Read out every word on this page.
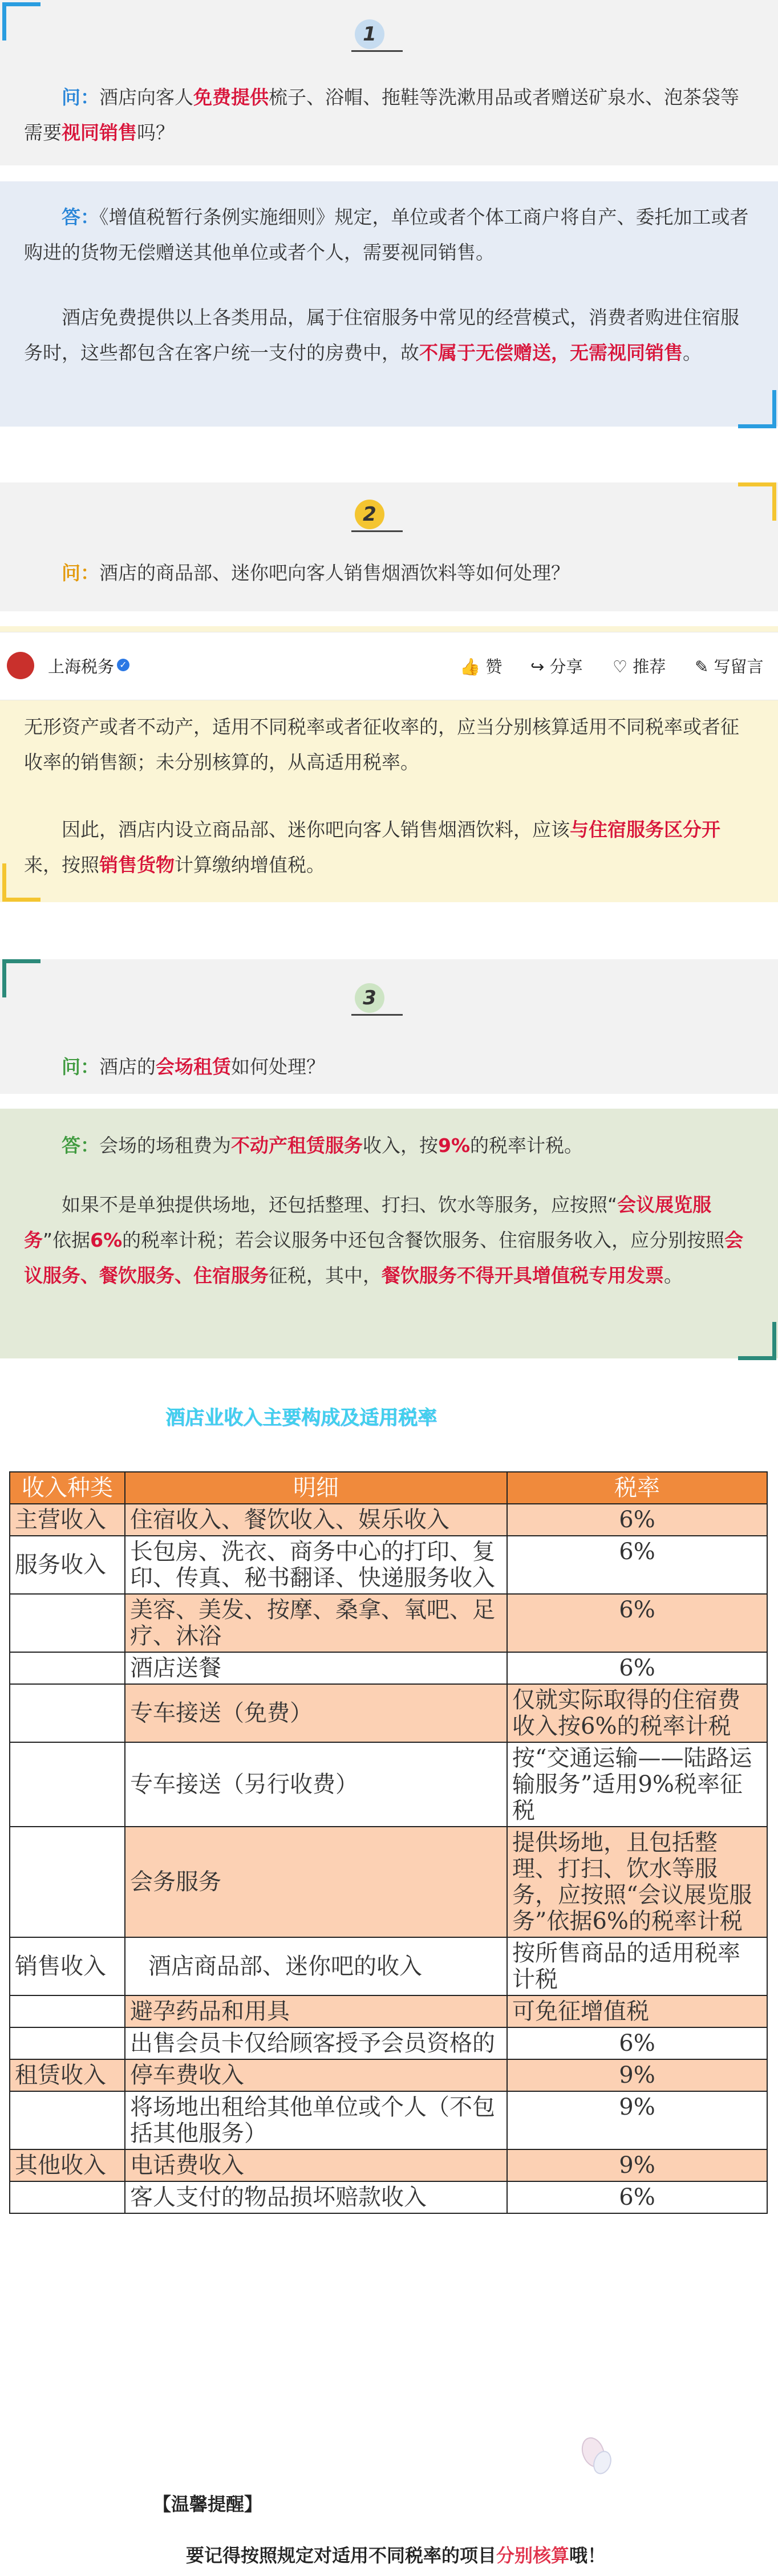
1

问：酒店向客人免费提供梳子、浴帽、拖鞋等洗漱用品或者赠送矿泉水、泡茶袋等需要视同销售吗？

答：《增值税暂行条例实施细则》规定，单位或者个体工商户将自产、委托加工或者购进的货物无偿赠送其他单位或者个人，需要视同销售。

酒店免费提供以上各类用品，属于住宿服务中常见的经营模式，消费者购进住宿服务时，这些都包含在客户统一支付的房费中，故不属于无偿赠送，无需视同销售。

2

问：酒店的商品部、迷你吧向客人销售烟酒饮料等如何处理？

上海税务 ✓	👍 赞 ↪ 分享 ♡ 推荐 ✎ 写留言

无形资产或者不动产，适用不同税率或者征收率的，应当分别核算适用不同税率或者征收率的销售额；未分别核算的，从高适用税率。

因此，酒店内设立商品部、迷你吧向客人销售烟酒饮料，应该与住宿服务区分开来，按照销售货物计算缴纳增值税。

3

问：酒店的会场租赁如何处理？

答：会场的场租费为不动产租赁服务收入，按9%的税率计税。

如果不是单独提供场地，还包括整理、打扫、饮水等服务，应按照“会议展览服务”依据6%的税率计税；若会议服务中还包含餐饮服务、住宿服务收入，应分别按照会议服务、餐饮服务、住宿服务征税，其中，餐饮服务不得开具增值税专用发票。

酒店业收入主要构成及适用税率
收入种类	明细	税率
主营收入	住宿收入、餐饮收入、娱乐收入	6%
服务收入	长包房、洗衣、商务中心的打印、复印、传真、秘书翻译、快递服务收入	6%
	美容、美发、按摩、桑拿、氧吧、足疗、沐浴	6%
	酒店送餐	6%
	专车接送（免费）	仅就实际取得的住宿费收入按6%的税率计税
	专车接送（另行收费）	按“交通运输——陆路运输服务”适用9%税率征税
	会务服务	提供场地，且包括整理、打扫、饮水等服务，应按照“会议展览服务”依据6%的税率计税
销售收入	酒店商品部、迷你吧的收入	按所售商品的适用税率计税
	避孕药品和用具	可免征增值税
	出售会员卡仅给顾客授予会员资格的	6%
租赁收入	停车费收入	9%
	将场地出租给其他单位或个人（不包括其他服务）	9%
其他收入	电话费收入	9%
	客人支付的物品损坏赔款收入	6%
【温馨提醒】
要记得按照规定对适用不同税率的项目分别核算哦！
